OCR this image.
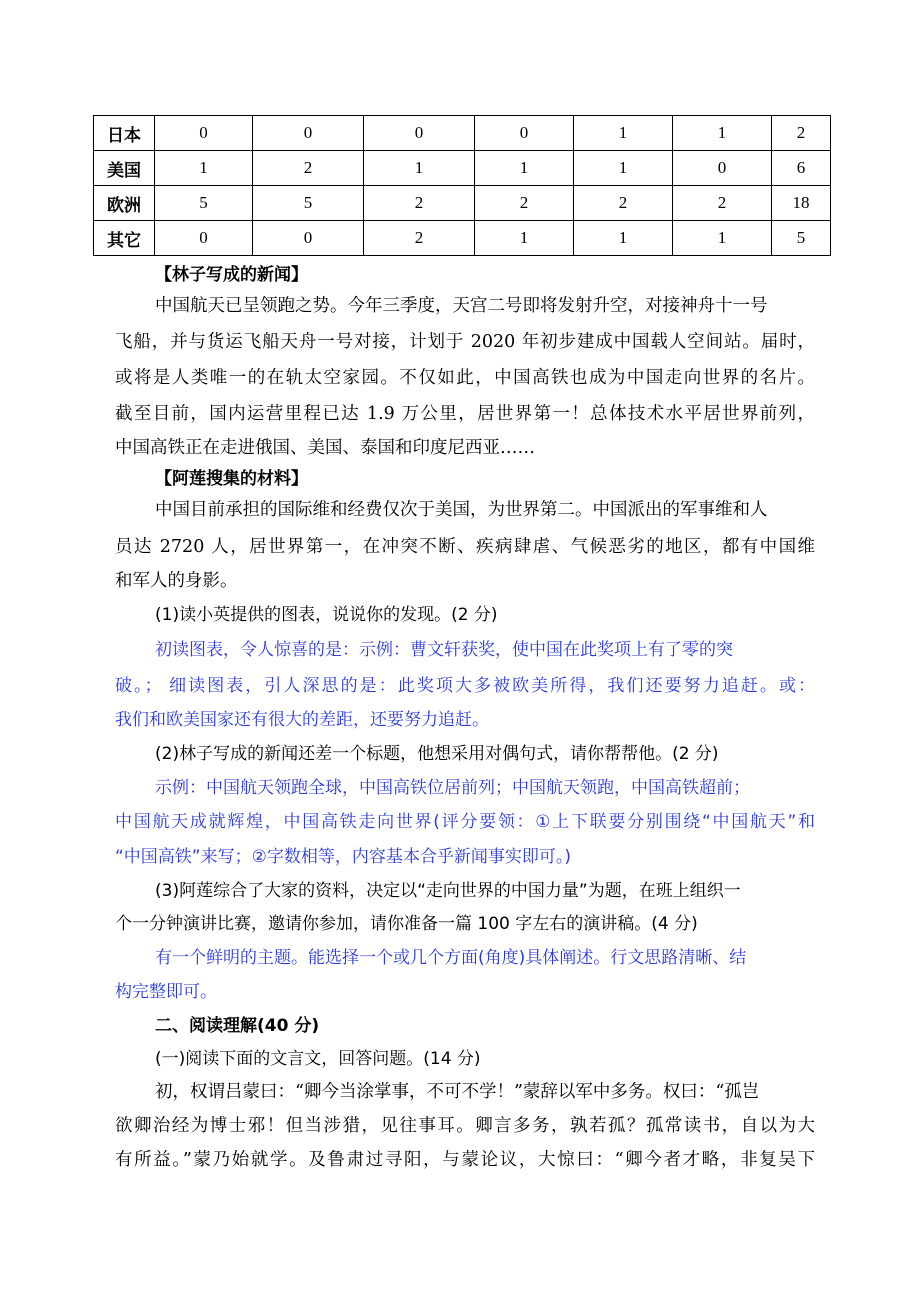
日本	0	0	0	0	1	1	2
美国	1	2	1	1	1	0	6
欧洲	5	5	2	2	2	2	18
其它	0	0	2	1	1	1	5
【林子写成的新闻】
中国航天已呈领跑之势。今年三季度，天宫二号即将发射升空，对接神舟十一号
飞船，并与货运飞船天舟一号对接，计划于 2020 年初步建成中国载人空间站。届时，
或将是人类唯一的在轨太空家园。不仅如此，中国高铁也成为中国走向世界的名片。
截至目前，国内运营里程已达 1.9 万公里，居世界第一！总体技术水平居世界前列，
中国高铁正在走进俄国、美国、泰国和印度尼西亚……
【阿莲搜集的材料】
中国目前承担的国际维和经费仅次于美国，为世界第二。中国派出的军事维和人
员达 2720 人，居世界第一，在冲突不断、疾病肆虐、气候恶劣的地区，都有中国维
和军人的身影。
(1)读小英提供的图表，说说你的发现。(2 分)
初读图表，令人惊喜的是：示例：曹文轩获奖，使中国在此奖项上有了零的突
破。； 细读图表，引人深思的是：此奖项大多被欧美所得，我们还要努力追赶。或：
我们和欧美国家还有很大的差距，还要努力追赶。
(2)林子写成的新闻还差一个标题，他想采用对偶句式，请你帮帮他。(2 分)
示例：中国航天领跑全球，中国高铁位居前列；中国航天领跑，中国高铁超前；
中国航天成就辉煌，中国高铁走向世界(评分要领：①上下联要分别围绕“中国航天”和
“中国高铁”来写；②字数相等，内容基本合乎新闻事实即可。)
(3)阿莲综合了大家的资料，决定以“走向世界的中国力量”为题，在班上组织一
个一分钟演讲比赛，邀请你参加，请你准备一篇 100 字左右的演讲稿。(4 分)
有一个鲜明的主题。能选择一个或几个方面(角度)具体阐述。行文思路清晰、结
构完整即可。
二、阅读理解(40 分)
(一)阅读下面的文言文，回答问题。(14 分)
初，权谓吕蒙曰：“卿今当涂掌事，不可不学！”蒙辞以军中多务。权曰：“孤岂
欲卿治经为博士邪！但当涉猎，见往事耳。卿言多务，孰若孤？孤常读书，自以为大
有所益。”蒙乃始就学。及鲁肃过寻阳，与蒙论议，大惊曰：“卿今者才略，非复吴下
